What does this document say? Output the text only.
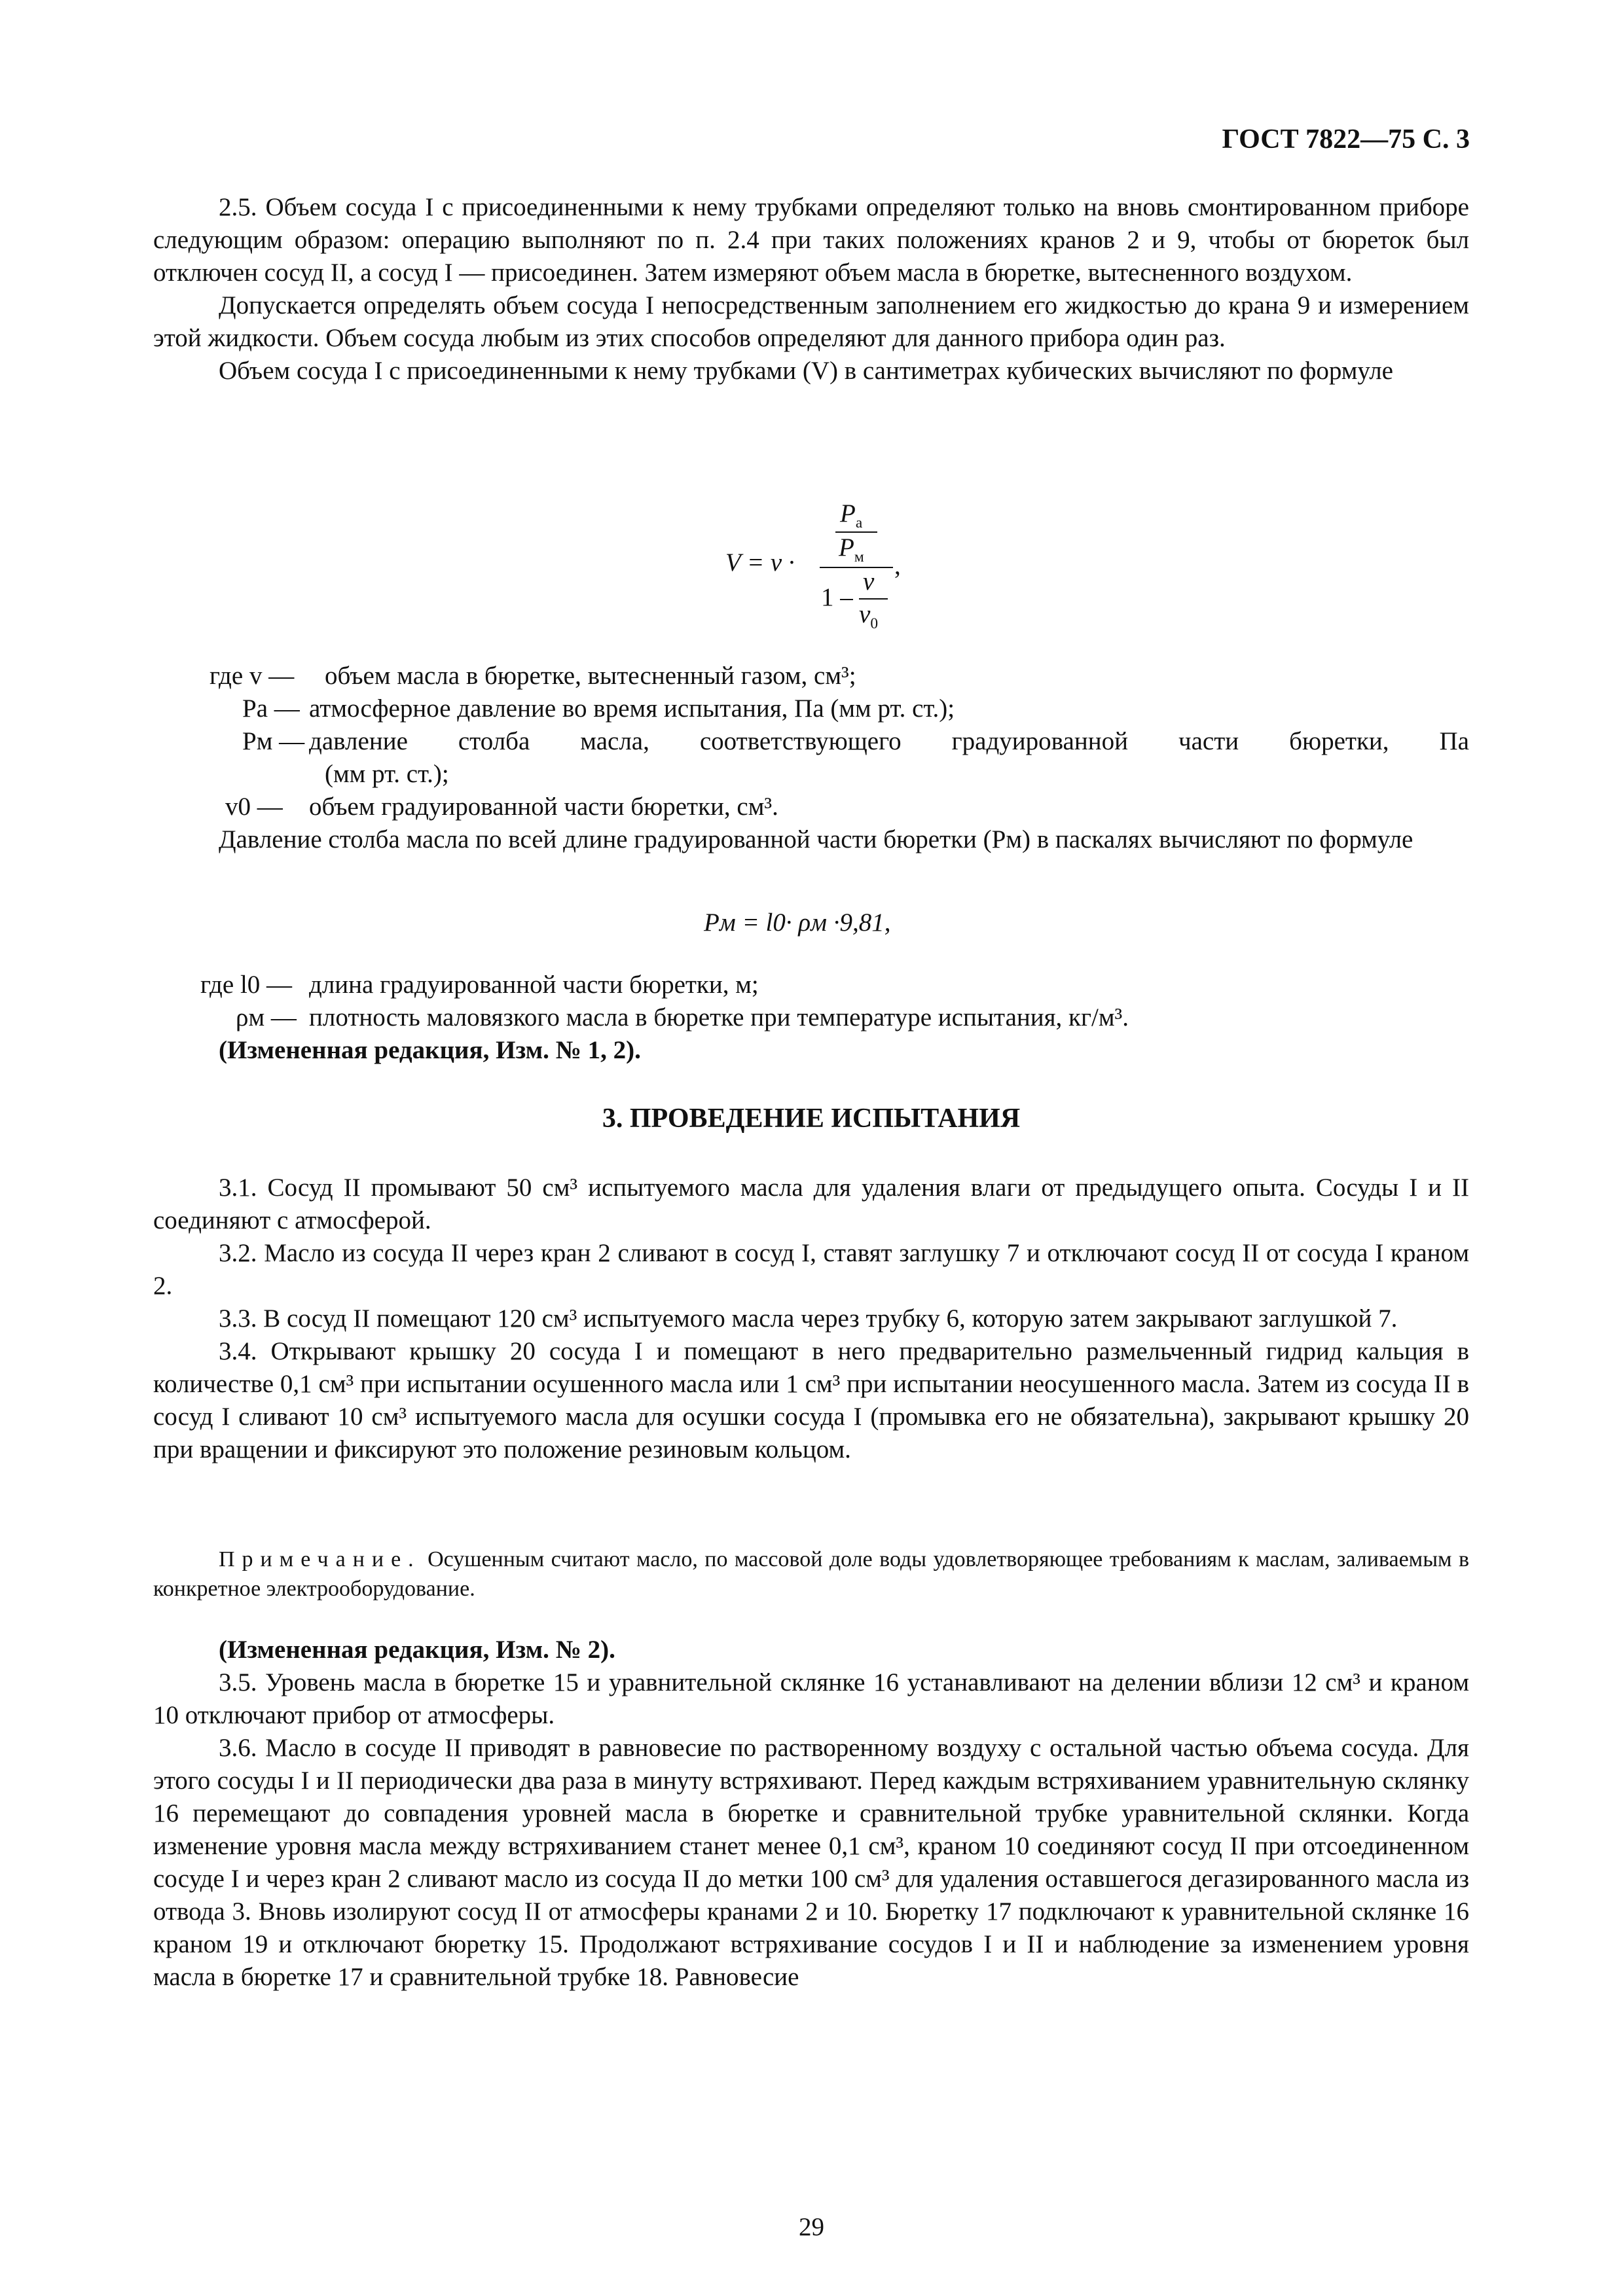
ГОСТ 7822—75 С. 3

2.5. Объем сосуда I с присоединенными к нему трубками определяют только на вновь смонтированном приборе следующим образом: операцию выполняют по п. 2.4 при таких положениях кранов 2 и 9, чтобы от бюреток был отключен сосуд II, а сосуд I — присоединен. Затем измеряют объем масла в бюретке, вытесненного воздухом.

Допускается определять объем сосуда I непосредственным заполнением его жидкостью до крана 9 и измерением этой жидкости. Объем сосуда любым из этих способов определяют для данного прибора один раз.

Объем сосуда I с присоединенными к нему трубками (V) в сантиметрах кубических вычисляют по формуле

V = v ·
$P_а$
$P_м$
1 –
v
$v_0$
,
где v — объем масла в бюретке, вытесненный газом, см³;
Pа — атмосферное давление во время испытания, Па (мм рт. ст.);
Pм — давление столба масла, соответствующего градуированной части бюретки, Па
(мм рт. ст.);
v0 — объем градуированной части бюретки, см³.

Давление столба масла по всей длине градуированной части бюретки (Pм) в паскалях вычисляют по формуле

Pм = l0· ρм ·9,81,
где l0 — длина градуированной части бюретки, м;
ρм — плотность маловязкого масла в бюретке при температуре испытания, кг/м³.

(Измененная редакция, Изм. № 1, 2).

3. ПРОВЕДЕНИЕ ИСПЫТАНИЯ

3.1. Сосуд II промывают 50 см³ испытуемого масла для удаления влаги от предыдущего опыта. Сосуды I и II соединяют с атмосферой.

3.2. Масло из сосуда II через кран 2 сливают в сосуд I, ставят заглушку 7 и отключают сосуд II от сосуда I краном 2.

3.3. В сосуд II помещают 120 см³ испытуемого масла через трубку 6, которую затем закрывают заглушкой 7.

3.4. Открывают крышку 20 сосуда I и помещают в него предварительно размельченный гидрид кальция в количестве 0,1 см³ при испытании осушенного масла или 1 см³ при испытании неосушенного масла. Затем из сосуда II в сосуд I сливают 10 см³ испытуемого масла для осушки сосуда I (промывка его не обязательна), закрывают крышку 20 при вращении и фиксируют это положение резиновым кольцом.

Примечание. Осушенным считают масло, по массовой доле воды удовлетворяющее требованиям к маслам, заливаемым в конкретное электрооборудование.

(Измененная редакция, Изм. № 2).

3.5. Уровень масла в бюретке 15 и уравнительной склянке 16 устанавливают на делении вблизи 12 см³ и краном 10 отключают прибор от атмосферы.

3.6. Масло в сосуде II приводят в равновесие по растворенному воздуху с остальной частью объема сосуда. Для этого сосуды I и II периодически два раза в минуту встряхивают. Перед каждым встряхиванием уравнительную склянку 16 перемещают до совпадения уровней масла в бюретке и сравнительной трубке уравнительной склянки. Когда изменение уровня масла между встряхиванием станет менее 0,1 см³, краном 10 соединяют сосуд II при отсоединенном сосуде I и через кран 2 сливают масло из сосуда II до метки 100 см³ для удаления оставшегося дегазированного масла из отвода 3. Вновь изолируют сосуд II от атмосферы кранами 2 и 10. Бюретку 17 подключают к уравнительной склянке 16 краном 19 и отключают бюретку 15. Продолжают встряхивание сосудов I и II и наблюдение за изменением уровня масла в бюретке 17 и сравнительной трубке 18. Равновесие

29
